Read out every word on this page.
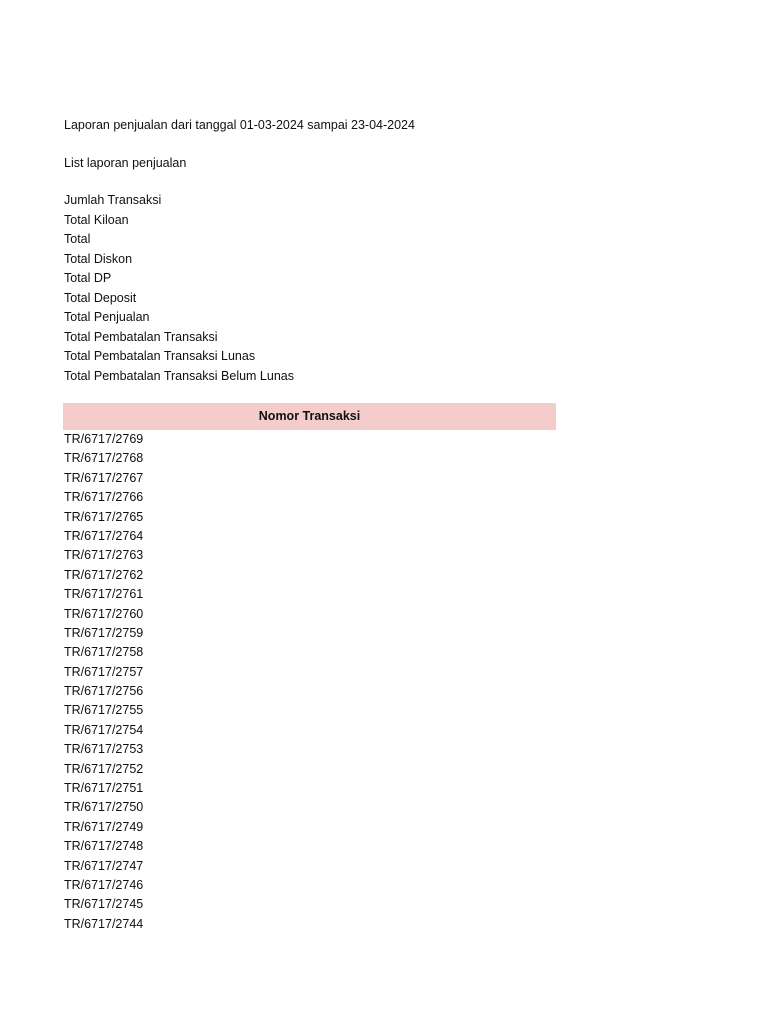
Laporan penjualan dari tanggal 01-03-2024 sampai 23-04-2024
List laporan penjualan
Jumlah Transaksi
Total Kiloan
Total
Total Diskon
Total DP
Total Deposit
Total Penjualan
Total Pembatalan Transaksi
Total Pembatalan Transaksi Lunas
Total Pembatalan Transaksi Belum Lunas
Nomor Transaksi
TR/6717/2769
TR/6717/2768
TR/6717/2767
TR/6717/2766
TR/6717/2765
TR/6717/2764
TR/6717/2763
TR/6717/2762
TR/6717/2761
TR/6717/2760
TR/6717/2759
TR/6717/2758
TR/6717/2757
TR/6717/2756
TR/6717/2755
TR/6717/2754
TR/6717/2753
TR/6717/2752
TR/6717/2751
TR/6717/2750
TR/6717/2749
TR/6717/2748
TR/6717/2747
TR/6717/2746
TR/6717/2745
TR/6717/2744
